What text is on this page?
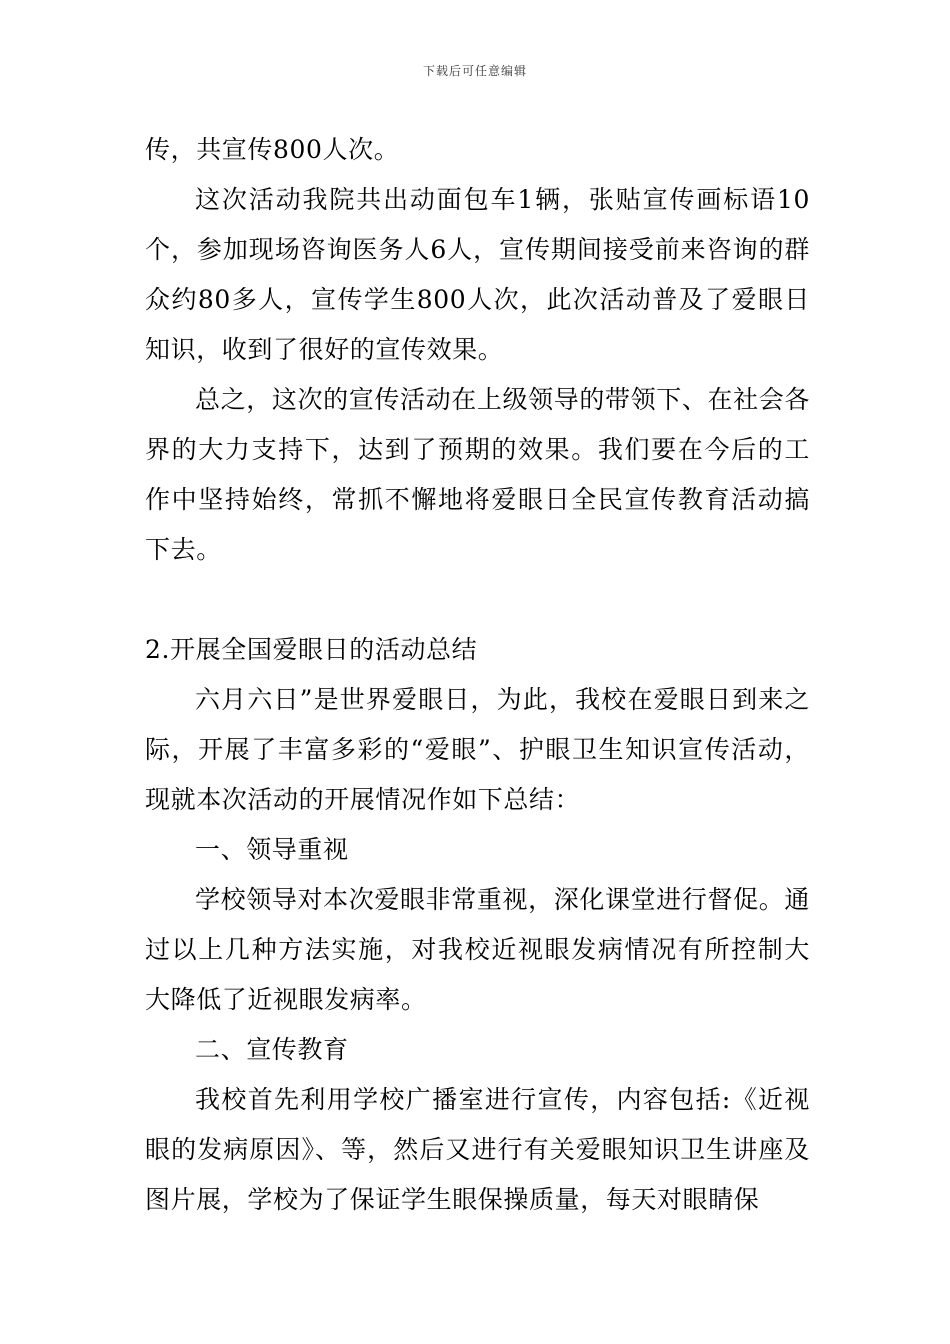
下载后可任意编辑

传，共宣传800人次。

这次活动我院共出动面包车1辆，张贴宣传画标语10个，参加现场咨询医务人6人，宣传期间接受前来咨询的群众约80多人，宣传学生800人次，此次活动普及了爱眼日知识，收到了很好的宣传效果。

总之，这次的宣传活动在上级领导的带领下、在社会各界的大力支持下，达到了预期的效果。我们要在今后的工作中坚持始终，常抓不懈地将爱眼日全民宣传教育活动搞下去。

2.开展全国爱眼日的活动总结

六月六日”是世界爱眼日，为此，我校在爱眼日到来之际，开展了丰富多彩的“爱眼”、护眼卫生知识宣传活动，现就本次活动的开展情况作如下总结：

一、领导重视

学校领导对本次爱眼非常重视，深化课堂进行督促。通过以上几种方法实施，对我校近视眼发病情况有所控制大大降低了近视眼发病率。

二、宣传教育

我校首先利用学校广播室进行宣传，内容包括:《近视眼的发病原因》、等，然后又进行有关爱眼知识卫生讲座及图片展，学校为了保证学生眼保操质量，每天对眼睛保
